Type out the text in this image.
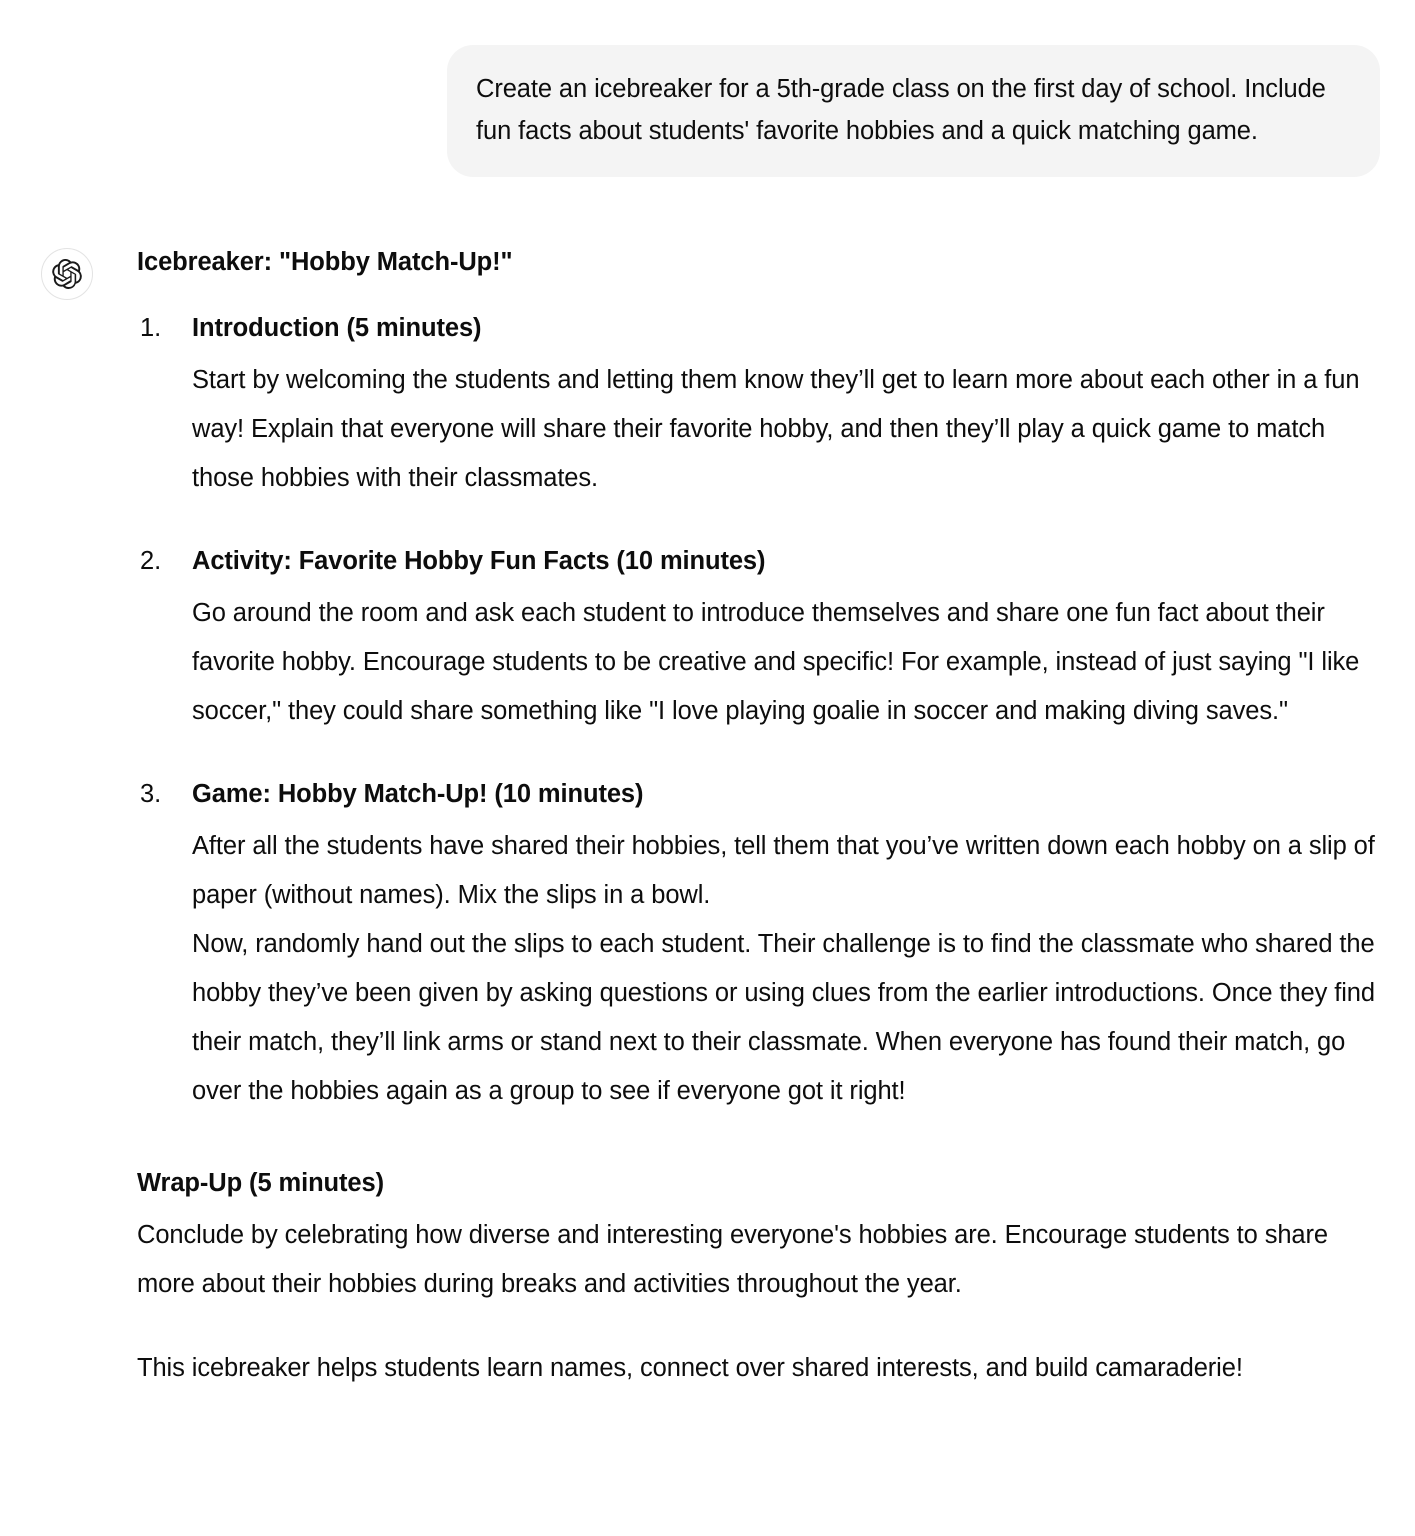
Create an icebreaker for a 5th-grade class on the first day of school. Include fun facts about students' favorite hobbies and a quick matching game.
Icebreaker: "Hobby Match-Up!"
Introduction (5 minutes)

Start by welcoming the students and letting them know they’ll get to learn more about each other in a fun way! Explain that everyone will share their favorite hobby, and then they’ll play a quick game to match those hobbies with their classmates.

Activity: Favorite Hobby Fun Facts (10 minutes)

Go around the room and ask each student to introduce themselves and share one fun fact about their favorite hobby. Encourage students to be creative and specific! For example, instead of just saying "I like soccer," they could share something like "I love playing goalie in soccer and making diving saves."

Game: Hobby Match-Up! (10 minutes)

After all the students have shared their hobbies, tell them that you’ve written down each hobby on a slip of paper (without names). Mix the slips in a bowl.

Now, randomly hand out the slips to each student. Their challenge is to find the classmate who shared the hobby they’ve been given by asking questions or using clues from the earlier introductions. Once they find their match, they’ll link arms or stand next to their classmate. When everyone has found their match, go over the hobbies again as a group to see if everyone got it right!

Wrap-Up (5 minutes)

Conclude by celebrating how diverse and interesting everyone's hobbies are. Encourage students to share more about their hobbies during breaks and activities throughout the year.

This icebreaker helps students learn names, connect over shared interests, and build camaraderie!
